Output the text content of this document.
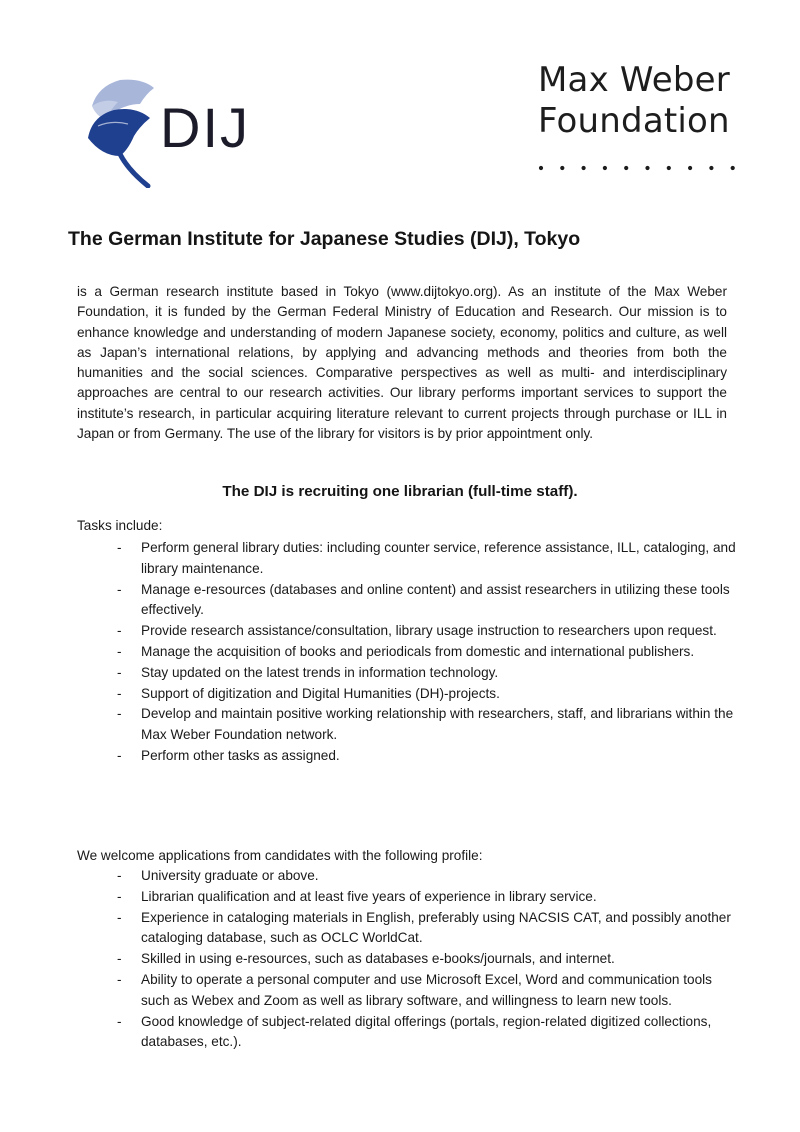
DIJ
Max Weber
Foundation
The German Institute for Japanese Studies (DIJ), Tokyo

is a German research institute based in Tokyo (www.dijtokyo.org). As an institute of the Max Weber Foundation, it is funded by the German Federal Ministry of Education and Research. Our mission is to enhance knowledge and understanding of modern Japanese society, economy, politics and culture, as well as Japan’s international relations, by applying and advancing methods and theories from both the humanities and the social sciences. Comparative perspectives as well as multi- and interdisciplinary approaches are central to our research activities. Our library performs important services to support the institute’s research, in particular acquiring literature relevant to current projects through purchase or ILL in Japan or from Germany. The use of the library for visitors is by prior appointment only.

The DIJ is recruiting one librarian (full-time staff).
Tasks include:
- Perform general library duties: including counter service, reference assistance, ILL, cataloging, and library maintenance.
- Manage e-resources (databases and online content) and assist researchers in utilizing these tools effectively.
- Provide research assistance/consultation, library usage instruction to researchers upon request.
- Manage the acquisition of books and periodicals from domestic and international publishers.
- Stay updated on the latest trends in information technology.
- Support of digitization and Digital Humanities (DH)-projects.
- Develop and maintain positive working relationship with researchers, staff, and librarians within the Max Weber Foundation network.
- Perform other tasks as assigned.
We welcome applications from candidates with the following profile:
- University graduate or above.
- Librarian qualification and at least five years of experience in library service.
- Experience in cataloging materials in English, preferably using NACSIS CAT, and possibly another cataloging database, such as OCLC WorldCat.
- Skilled in using e-resources, such as databases e-books/journals, and internet.
- Ability to operate a personal computer and use Microsoft Excel, Word and communication tools such as Webex and Zoom as well as library software, and willingness to learn new tools.
- Good knowledge of subject-related digital offerings (portals, region-related digitized collections, databases, etc.).
